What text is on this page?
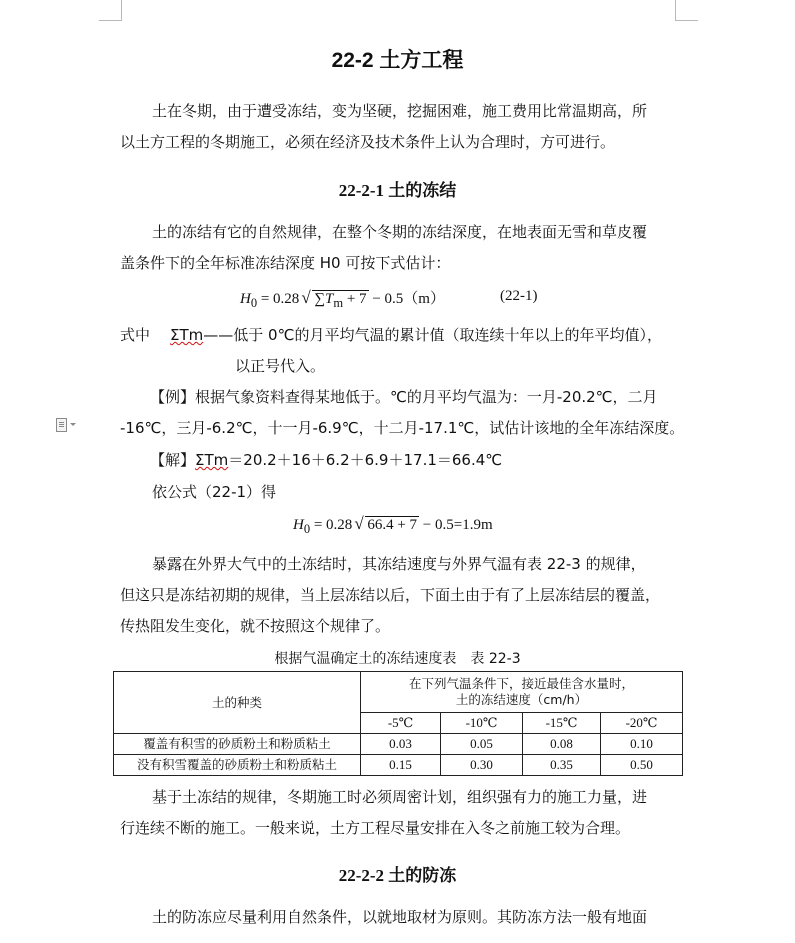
22-2 土方工程
土在冬期，由于遭受冻结，变为坚硬，挖掘困难，施工费用比常温期高，所
以土方工程的冬期施工，必须在经济及技术条件上认为合理时，方可进行。
22-2-1 土的冻结
土的冻结有它的自然规律，在整个冬期的冻结深度，在地表面无雪和草皮覆
盖条件下的全年标准冻结深度 H0 可按下式估计：
$H_0 = 0.28$ √ $\sum T_m + 7 - 0.5(m)$	(22-1)
式中 ΣTm——低于 0℃的月平均气温的累计值（取连续十年以上的年平均值），
以正号代入。
【例】根据气象资料查得某地低于。℃的月平均气温为：一月-20.2℃，二月
-16℃，三月-6.2℃，十一月-6.9℃，十二月-17.1℃，试估计该地的全年冻结深度。
【解】ΣTm＝20.2＋16＋6.2＋6.9＋17.1＝66.4℃
依公式（22-1）得
$H_0 = 0.28$ √ 66.4 + 7 − 0.5=1.9m
暴露在外界大气中的土冻结时，其冻结速度与外界气温有表 22-3 的规律，
但这只是冻结初期的规律，当上层冻结以后，下面土由于有了上层冻结层的覆盖，
传热阻发生变化，就不按照这个规律了。
根据气温确定土的冻结速度表　表 22-3
土的种类	在下列气温条件下，接近最佳含水量时，
土的冻结速度（cm/h）			

	-5℃	-10℃	-15℃	-20℃
覆盖有积雪的砂质粉土和粉质粘土	0.03	0.05	0.08	0.10
没有积雪覆盖的砂质粉土和粉质粘土	0.15	0.30	0.35	0.50
基于土冻结的规律，冬期施工时必须周密计划，组织强有力的施工力量，进
行连续不断的施工。一般来说，土方工程尽量安排在入冬之前施工较为合理。
22-2-2 土的防冻
土的防冻应尽量利用自然条件，以就地取材为原则。其防冻方法一般有地面
